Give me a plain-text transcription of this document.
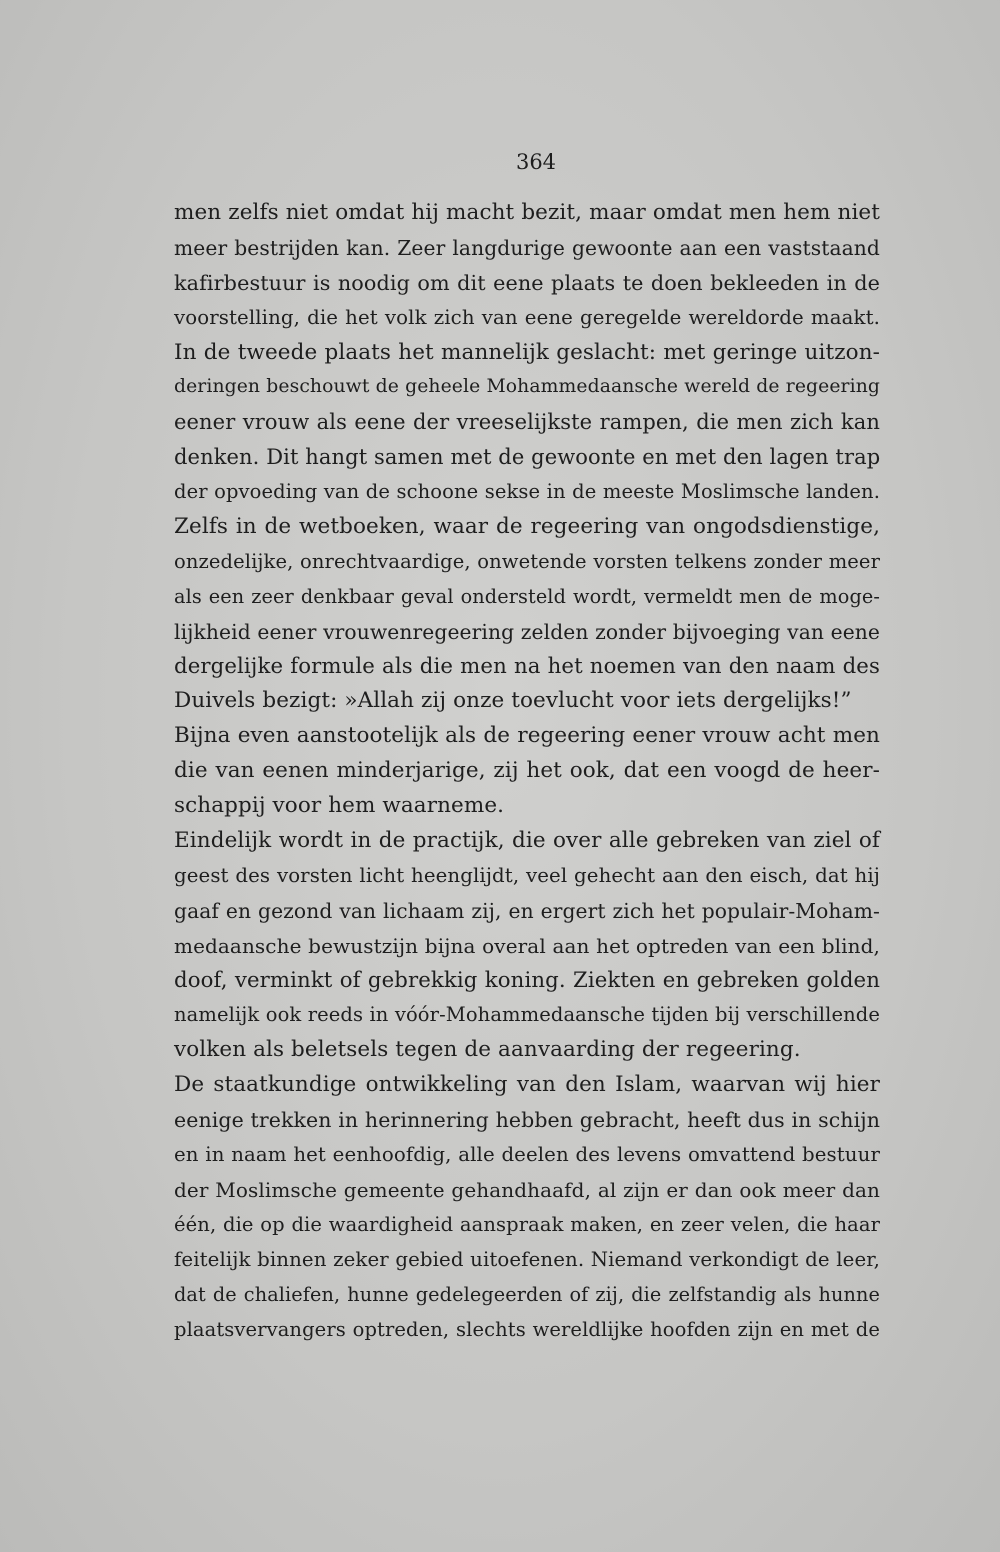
364
men zelfs niet omdat hij macht bezit, maar omdat men hem niet
meer bestrijden kan. Zeer langdurige gewoonte aan een vaststaand
kafirbestuur is noodig om dit eene plaats te doen bekleeden in de
voorstelling, die het volk zich van eene geregelde wereldorde maakt.
In de tweede plaats het mannelijk geslacht: met geringe uitzon-
deringen beschouwt de geheele Mohammedaansche wereld de regeering
eener vrouw als eene der vreeselijkste rampen, die men zich kan
denken. Dit hangt samen met de gewoonte en met den lagen trap
der opvoeding van de schoone sekse in de meeste Moslimsche landen.
Zelfs in de wetboeken, waar de regeering van ongodsdienstige,
onzedelijke, onrechtvaardige, onwetende vorsten telkens zonder meer
als een zeer denkbaar geval ondersteld wordt, vermeldt men de moge-
lijkheid eener vrouwenregeering zelden zonder bijvoeging van eene
dergelijke formule als die men na het noemen van den naam des
Duivels bezigt: »Allah zij onze toevlucht voor iets dergelijks!”
Bijna even aanstootelijk als de regeering eener vrouw acht men
die van eenen minderjarige, zij het ook, dat een voogd de heer-
schappij voor hem waarneme.
Eindelijk wordt in de practijk, die over alle gebreken van ziel of
geest des vorsten licht heenglijdt, veel gehecht aan den eisch, dat hij
gaaf en gezond van lichaam zij, en ergert zich het populair-Moham-
medaansche bewustzijn bijna overal aan het optreden van een blind,
doof, verminkt of gebrekkig koning. Ziekten en gebreken golden
namelijk ook reeds in vóór-Mohammedaansche tijden bij verschillende
volken als beletsels tegen de aanvaarding der regeering.
De staatkundige ontwikkeling van den Islam, waarvan wij hier
eenige trekken in herinnering hebben gebracht, heeft dus in schijn
en in naam het eenhoofdig, alle deelen des levens omvattend bestuur
der Moslimsche gemeente gehandhaafd, al zijn er dan ook meer dan
één, die op die waardigheid aanspraak maken, en zeer velen, die haar
feitelijk binnen zeker gebied uitoefenen. Niemand verkondigt de leer,
dat de chaliefen, hunne gedelegeerden of zij, die zelfstandig als hunne
plaatsvervangers optreden, slechts wereldlijke hoofden zijn en met de
